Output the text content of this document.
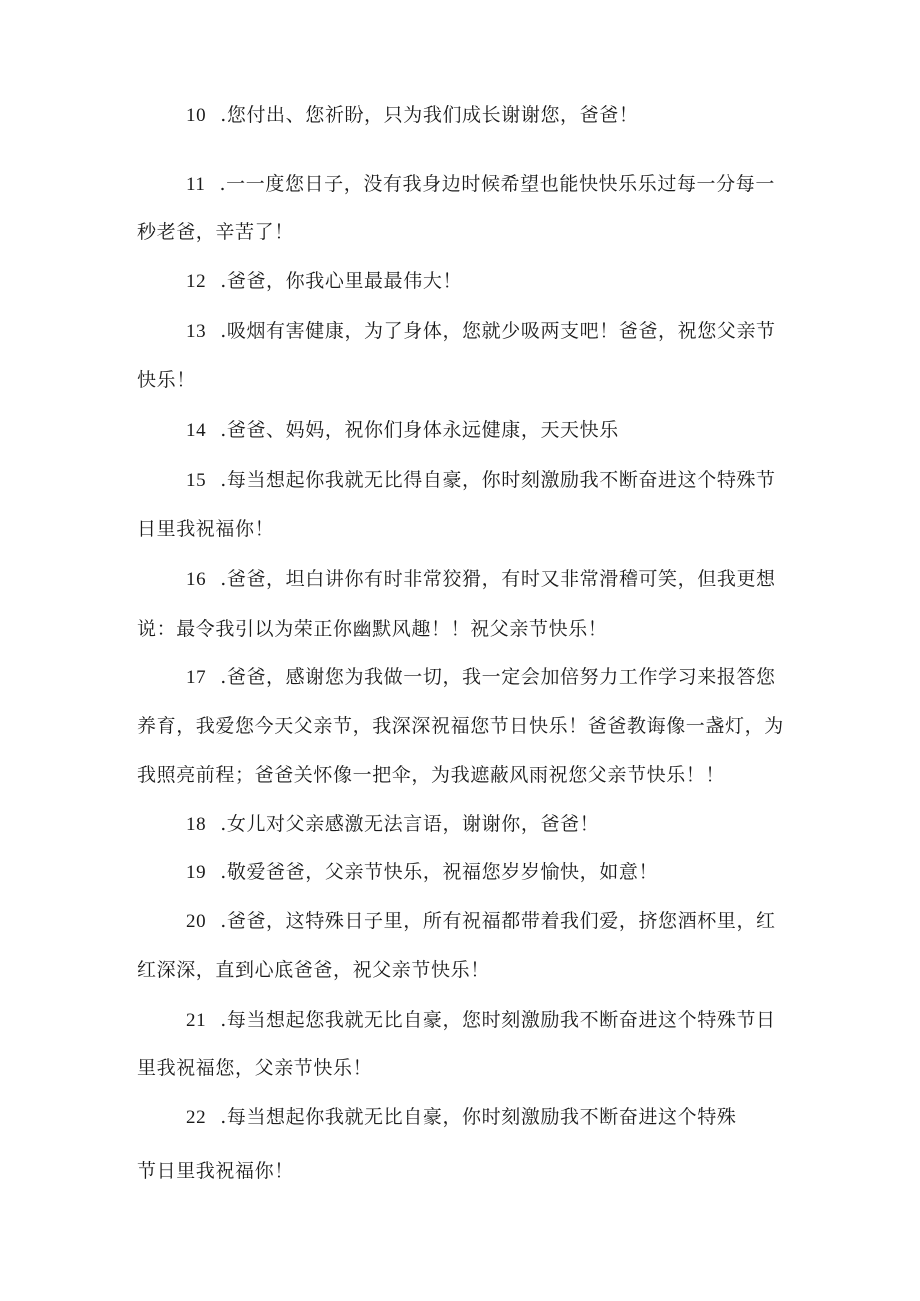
10 .您付出、您祈盼，只为我们成长谢谢您，爸爸！
11 .一一度您日子，没有我身边时候希望也能快快乐乐过每一分每一
秒老爸，辛苦了！
12 .爸爸，你我心里最最伟大！
13 .吸烟有害健康，为了身体，您就少吸两支吧！爸爸，祝您父亲节
快乐！
14 .爸爸、妈妈，祝你们身体永远健康，天天快乐
15 .每当想起你我就无比得自豪，你时刻激励我不断奋进这个特殊节
日里我祝福你！
16 .爸爸，坦白讲你有时非常狡猾，有时又非常滑稽可笑，但我更想
说：最令我引以为荣正你幽默风趣！！祝父亲节快乐！
17 .爸爸，感谢您为我做一切，我一定会加倍努力工作学习来报答您
养育，我爱您今天父亲节，我深深祝福您节日快乐！爸爸教诲像一盏灯，为
我照亮前程；爸爸关怀像一把伞，为我遮蔽风雨祝您父亲节快乐！！
18 .女儿对父亲感激无法言语，谢谢你，爸爸！
19 .敬爱爸爸，父亲节快乐，祝福您岁岁愉快，如意！
20 .爸爸，这特殊日子里，所有祝福都带着我们爱，挤您酒杯里，红
红深深，直到心底爸爸，祝父亲节快乐！
21 .每当想起您我就无比自豪，您时刻激励我不断奋进这个特殊节日
里我祝福您，父亲节快乐！
22 .每当想起你我就无比自豪，你时刻激励我不断奋进这个特殊
节日里我祝福你！
